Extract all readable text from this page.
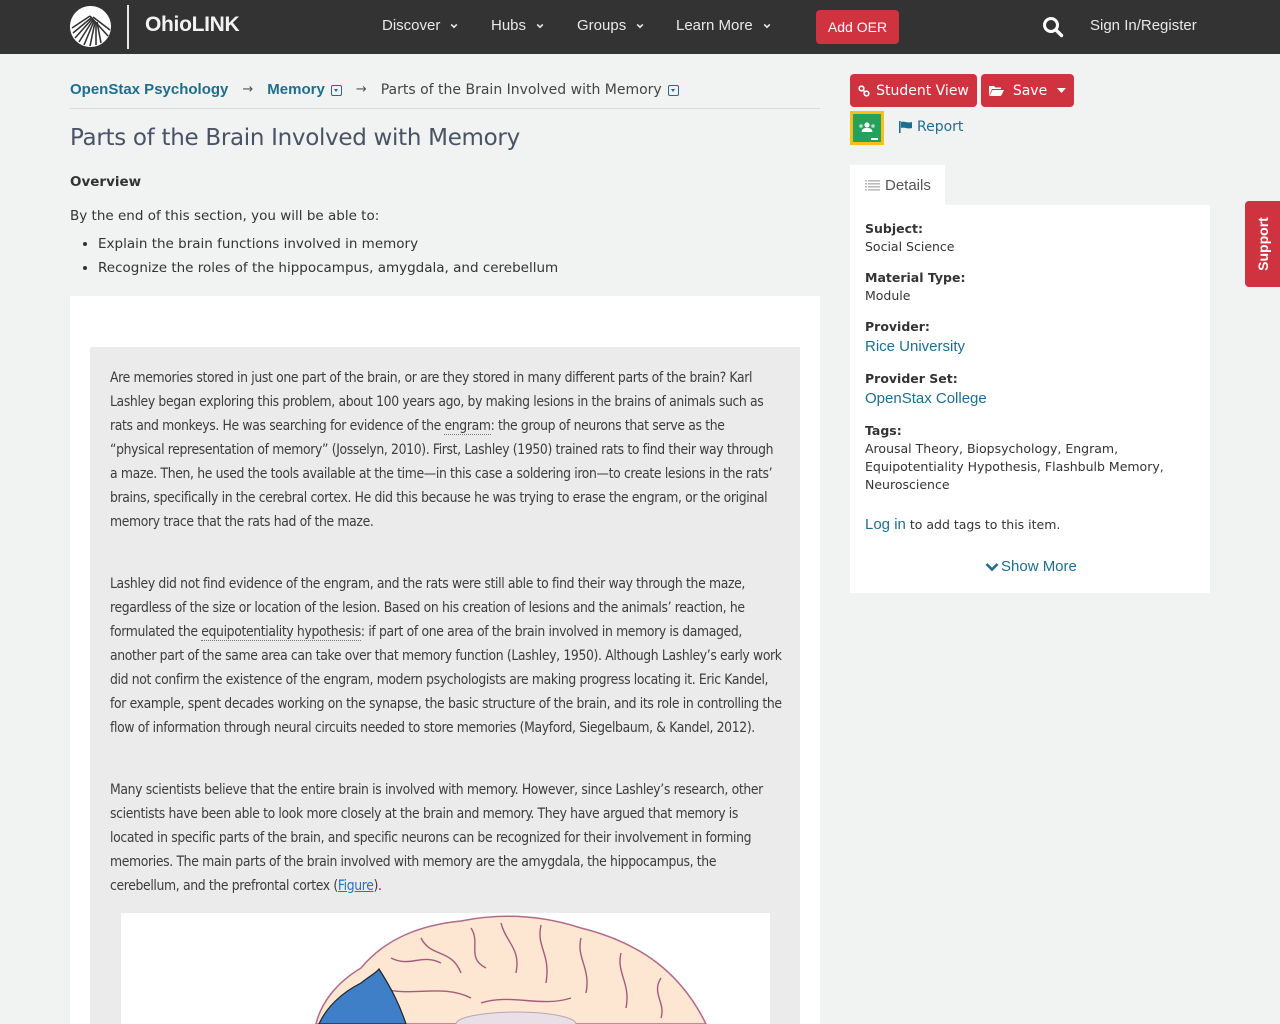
OhioLINK	Discover	Hubs	Groups	Learn More	Add OER	Sign In/Register
OpenStax Psychology → Memory → Parts of the Brain Involved with Memory
Parts of the Brain Involved with Memory
Overview
By the end of this section, you will be able to:
• Explain the brain functions involved in memory
• Recognize the roles of the hippocampus, amygdala, and cerebellum

Are memories stored in just one part of the brain, or are they stored in many different parts of the brain? Karl Lashley began exploring this problem, about 100 years ago, by making lesions in the brains of animals such as rats and monkeys. He was searching for evidence of the engram: the group of neurons that serve as the “physical representation of memory” (Josselyn, 2010). First, Lashley (1950) trained rats to find their way through a maze. Then, he used the tools available at the time—in this case a soldering iron—to create lesions in the rats’ brains, specifically in the cerebral cortex. He did this because he was trying to erase the engram, or the original memory trace that the rats had of the maze.

Lashley did not find evidence of the engram, and the rats were still able to find their way through the maze, regardless of the size or location of the lesion. Based on his creation of lesions and the animals’ reaction, he formulated the equipotentiality hypothesis: if part of one area of the brain involved in memory is damaged, another part of the same area can take over that memory function (Lashley, 1950). Although Lashley’s early work did not confirm the existence of the engram, modern psychologists are making progress locating it. Eric Kandel, for example, spent decades working on the synapse, the basic structure of the brain, and its role in controlling the flow of information through neural circuits needed to store memories (Mayford, Siegelbaum, & Kandel, 2012).

Many scientists believe that the entire brain is involved with memory. However, since Lashley’s research, other scientists have been able to look more closely at the brain and memory. They have argued that memory is located in specific parts of the brain, and specific neurons can be recognized for their involvement in forming memories. The main parts of the brain involved with memory are the amygdala, the hippocampus, the cerebellum, and the prefrontal cortex (Figure).

Student View	Save
Report
Details
Subject:
Social Science
Material Type:
Module
Provider:
Rice University
Provider Set:
OpenStax College
Tags:
Arousal Theory, Biopsychology, Engram, Equipotentiality Hypothesis, Flashbulb Memory, Neuroscience
Log in to add tags to this item.
Show More
Support
